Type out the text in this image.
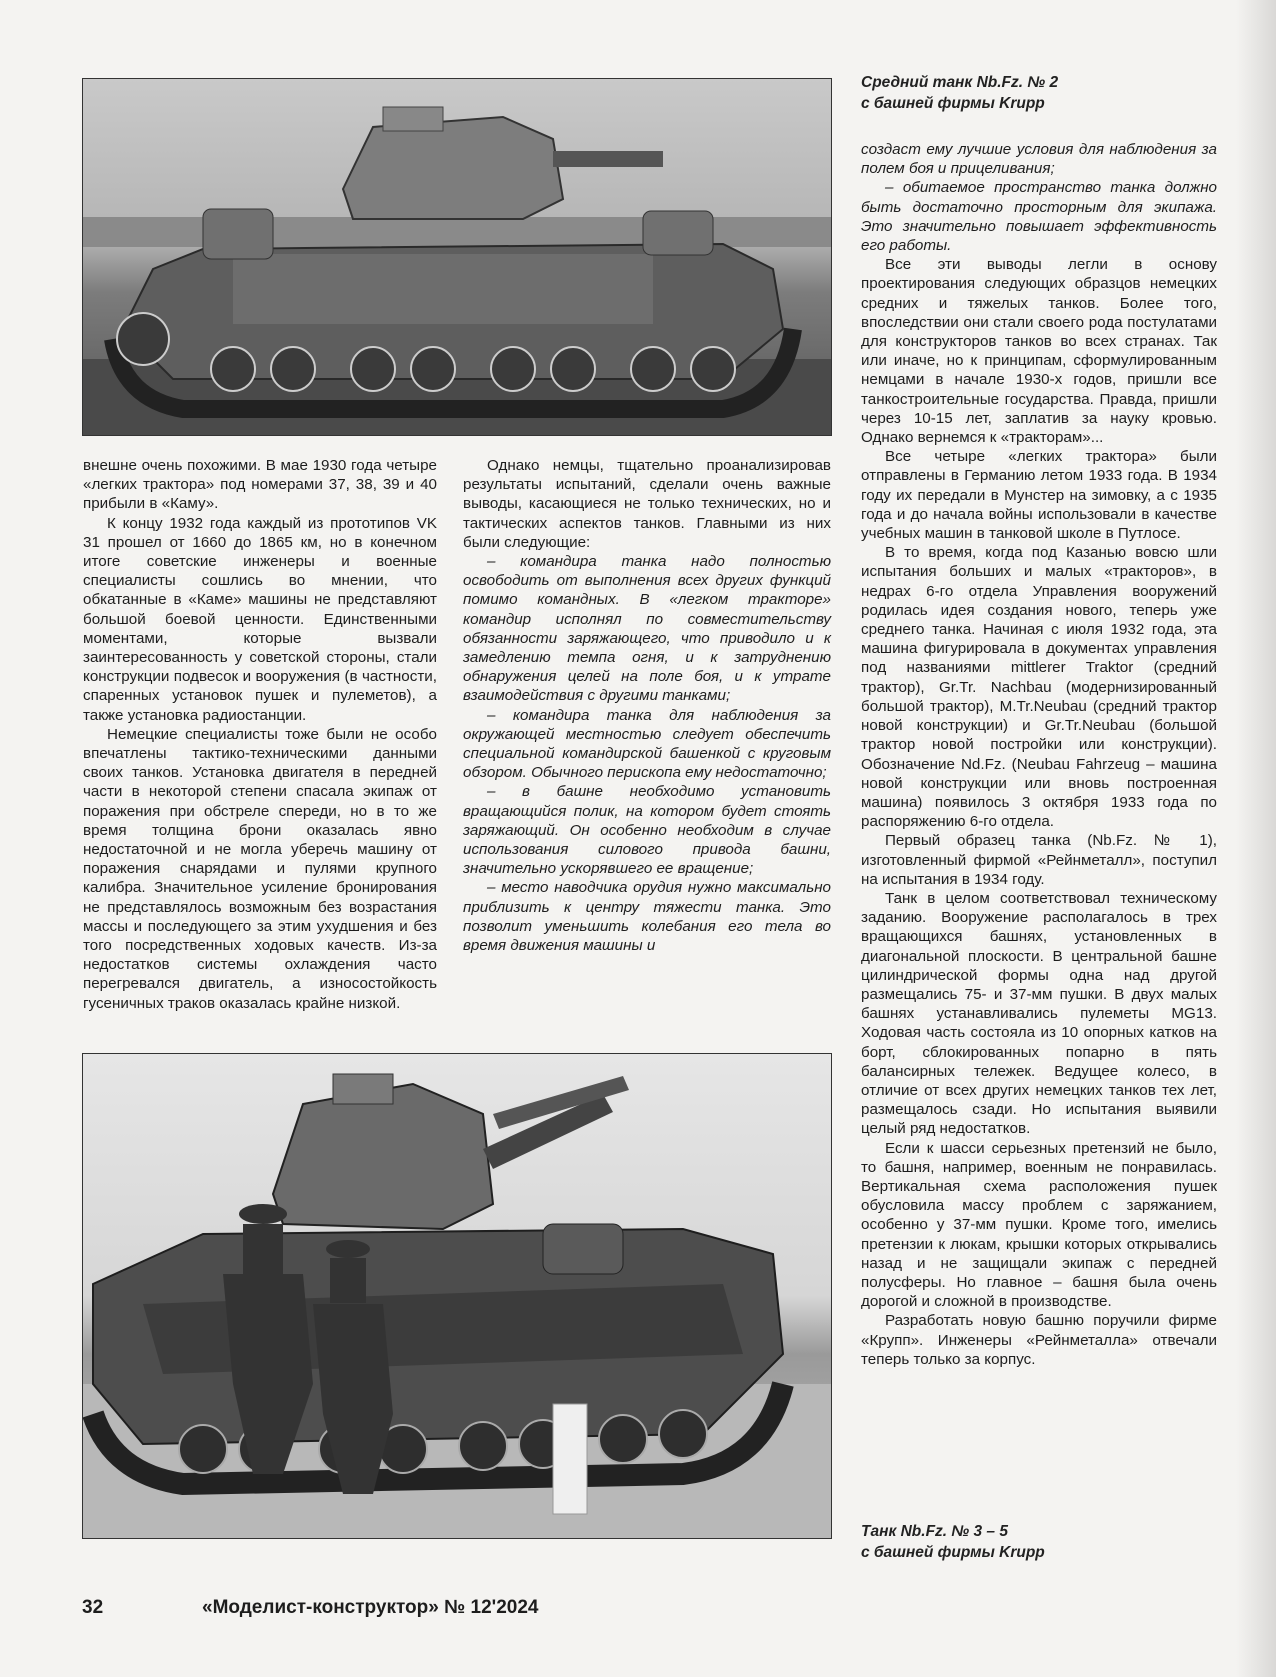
Средний танк Nb.Fz. № 2
с башней фирмы Krupp

внешне очень похожими. В мае 1930 года четыре «легких трактора» под номерами 37, 38, 39 и 40 прибыли в «Каму».

К концу 1932 года каждый из прототипов VK 31 прошел от 1660 до 1865 км, но в конечном итоге советские инженеры и военные специалисты сошлись во мнении, что обкатанные в «Каме» машины не представляют большой боевой ценности. Единственными моментами, которые вызвали заинтересованность у советской стороны, стали конструкции подвесок и вооружения (в частности, спаренных установок пушек и пулеметов), а также установка радиостанции.

Немецкие специалисты тоже были не особо впечатлены тактико-техническими данными своих танков. Установка двигателя в передней части в некоторой степени спасала экипаж от поражения при обстреле спереди, но в то же время толщина брони оказалась явно недостаточной и не могла уберечь машину от поражения снарядами и пулями крупного калибра. Значительное усиление бронирования не представлялось возможным без возрастания массы и последующего за этим ухудшения и без того посредственных ходовых качеств. Из-за недостатков системы охлаждения часто перегревался двигатель, а износостойкость гусеничных траков оказалась крайне низкой.

Однако немцы, тщательно проанализировав результаты испытаний, сделали очень важные выводы, касающиеся не только технических, но и тактических аспектов танков. Главными из них были следующие:

– командира танка надо полностью освободить от выполнения всех других функций помимо командных. В «легком тракторе» командир исполнял по совместительству обязанности заряжающего, что приводило и к замедлению темпа огня, и к затруднению обнаружения целей на поле боя, и к утрате взаимодействия с другими танками;

– командира танка для наблюдения за окружающей местностью следует обеспечить специальной командирской башенкой с круговым обзором. Обычного перископа ему недостаточно;

– в башне необходимо установить вращающийся полик, на котором будет стоять заряжающий. Он особенно необходим в случае использования силового привода башни, значительно ускорявшего ее вращение;

– место наводчика орудия нужно максимально приблизить к центру тяжести танка. Это позволит уменьшить колебания его тела во время движения машины и

создаст ему лучшие условия для наблюдения за полем боя и прицеливания;

– обитаемое пространство танка должно быть достаточно просторным для экипажа. Это значительно повышает эффективность его работы.

Все эти выводы легли в основу проектирования следующих образцов немецких средних и тяжелых танков. Более того, впоследствии они стали своего рода постулатами для конструкторов танков во всех странах. Так или иначе, но к принципам, сформулированным немцами в начале 1930-х годов, пришли все танкостроительные государства. Правда, пришли через 10-15 лет, заплатив за науку кровью. Однако вернемся к «тракторам»...

Все четыре «легких трактора» были отправлены в Германию летом 1933 года. В 1934 году их передали в Мунстер на зимовку, а с 1935 года и до начала войны использовали в качестве учебных машин в танковой школе в Путлосе.

В то время, когда под Казанью вовсю шли испытания больших и малых «тракторов», в недрах 6-го отдела Управления вооружений родилась идея создания нового, теперь уже среднего танка. Начиная с июля 1932 года, эта машина фигурировала в документах управления под названиями mittlerer Traktor (средний трактор), Gr.Tr. Nachbau (модернизированный большой трактор), M.Tr.Neubau (средний трактор новой конструкции) и Gr.Tr.Neubau (большой трактор новой постройки или конструкции). Обозначение Nd.Fz. (Neubau Fahrzeug – машина новой конструкции или вновь построенная машина) появилось 3 октября 1933 года по распоряжению 6-го отдела.

Первый образец танка (Nb.Fz. № 1), изготовленный фирмой «Рейнметалл», поступил на испытания в 1934 году.

Танк в целом соответствовал техническому заданию. Вооружение располагалось в трех вращающихся башнях, установленных в диагональной плоскости. В центральной башне цилиндрической формы одна над другой размещались 75- и 37-мм пушки. В двух малых башнях устанавливались пулеметы MG13. Ходовая часть состояла из 10 опорных катков на борт, сблокированных попарно в пять балансирных тележек. Ведущее колесо, в отличие от всех других немецких танков тех лет, размещалось сзади. Но испытания выявили целый ряд недостатков.

Если к шасси серьезных претензий не было, то башня, например, военным не понравилась. Вертикальная схема расположения пушек обусловила массу проблем с заряжанием, особенно у 37-мм пушки. Кроме того, имелись претензии к люкам, крышки которых открывались назад и не защищали экипаж с передней полусферы. Но главное – башня была очень дорогой и сложной в производстве.

Разработать новую башню поручили фирме «Крупп». Инженеры «Рейнметалла» отвечали теперь только за корпус.

Танк Nb.Fz. № 3 – 5
с башней фирмы Krupp
32	«Моделист-конструктор» № 12'2024
